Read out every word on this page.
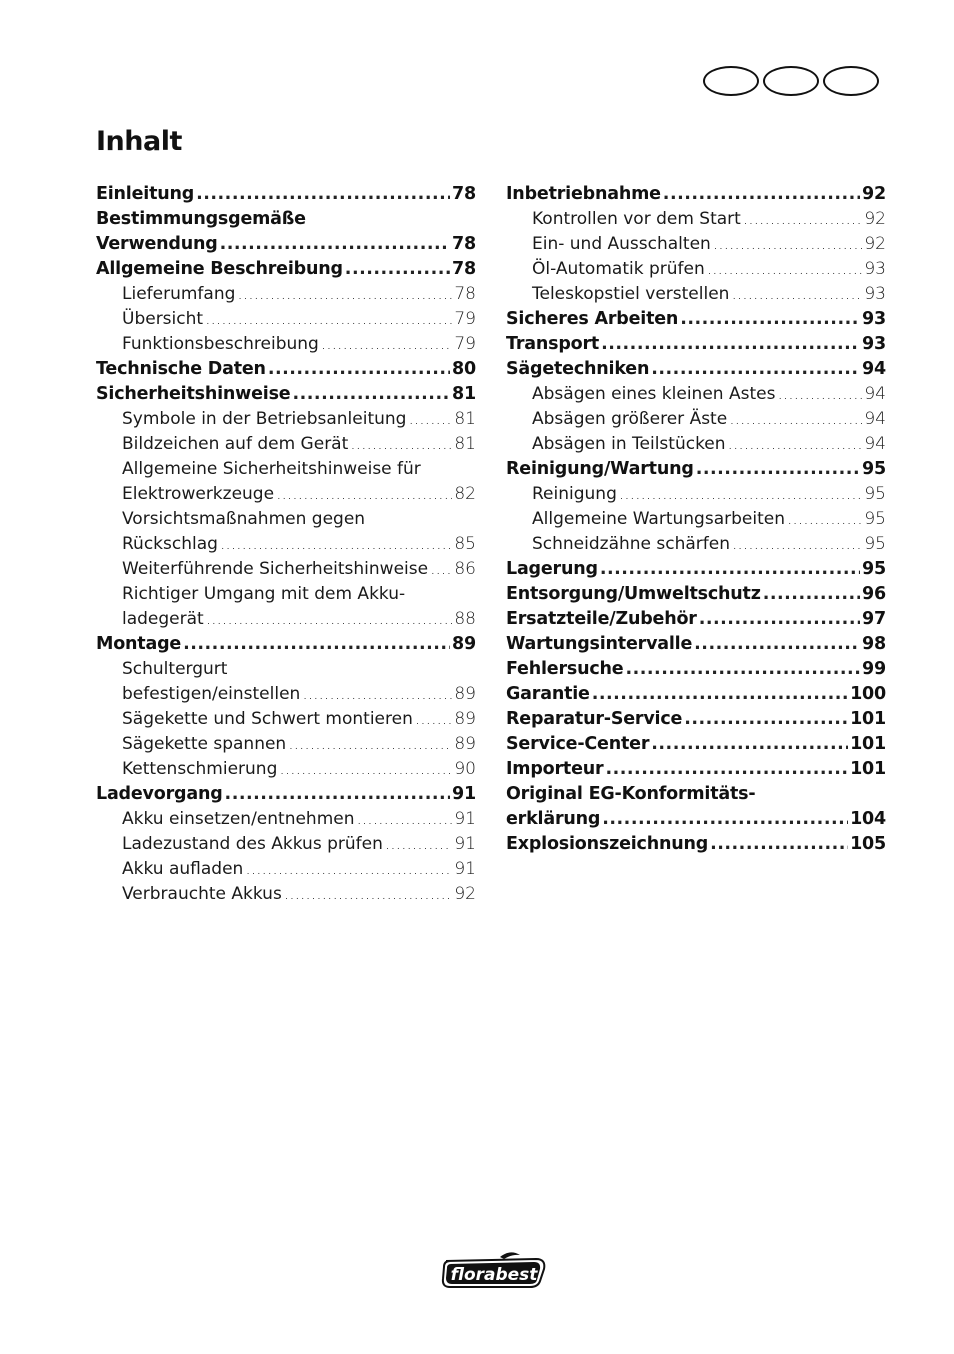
Inhalt
Einleitung .....	78
Bestimmungsgemäße
Verwendung .....	78
Allgemeine Beschreibung .....	78
Lieferumfang .....	78
Übersicht .....	79
Funktionsbeschreibung .....	79
Technische Daten .....	80
Sicherheitshinweise .....	81
Symbole in der Betriebsanleitung .....	81
Bildzeichen auf dem Gerät .....	81
Allgemeine Sicherheitshinweise für
Elektrowerkzeuge .....	82
Vorsichtsmaßnahmen gegen
Rückschlag .....	85
Weiterführende Sicherheitshinweise ..... 86
Richtiger Umgang mit dem Akku-
ladegerät .....	88
Montage .....	89
Schultergurt
befestigen/einstellen .....	89
Sägekette und Schwert montieren ..... 89
Sägekette spannen .....	89
Kettenschmierung .....	90
Ladevorgang .....	91
Akku einsetzen/entnehmen .....	91
Ladezustand des Akkus prüfen .....	91
Akku aufladen .....	91
Verbrauchte Akkus .....	92
Inbetriebnahme .....	92
Kontrollen vor dem Start .....	92
Ein- und Ausschalten .....	92
Öl-Automatik prüfen .....	93
Teleskopstiel verstellen .....	93
Sicheres Arbeiten .....	93
Transport .....	93
Sägetechniken .....	94
Absägen eines kleinen Astes .....	94
Absägen größerer Äste .....	94
Absägen in Teilstücken .....	94
Reinigung/Wartung .....	95
Reinigung .....	95
Allgemeine Wartungsarbeiten .....	95
Schneidzähne schärfen .....	95
Lagerung .....	95
Entsorgung/Umweltschutz .....	96
Ersatzteile/Zubehör .....	97
Wartungsintervalle .....	98
Fehlersuche .....	99
Garantie .....	100
Reparatur-Service .....	101
Service-Center .....	101
Importeur .....	101
Original EG-Konformitäts-
erklärung .....	104
Explosionszeichnung .....	105
florabest
